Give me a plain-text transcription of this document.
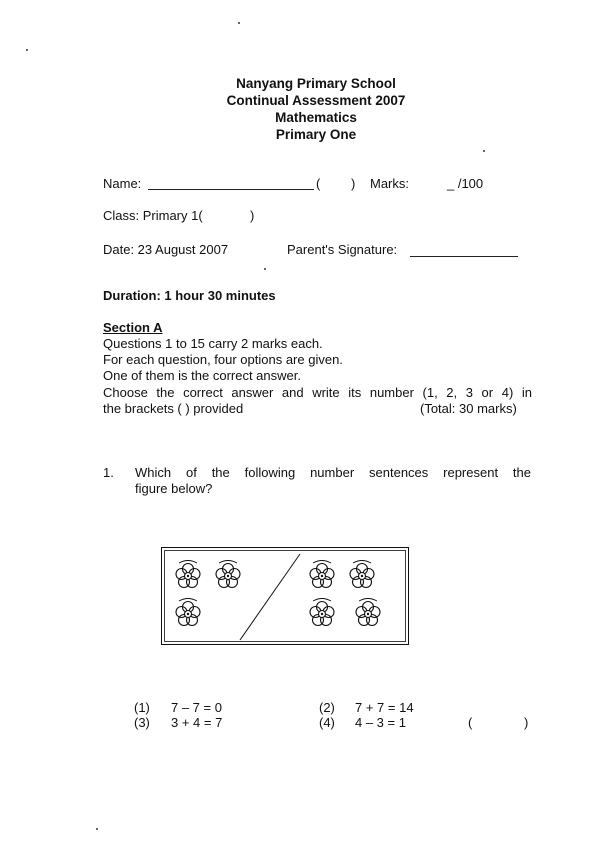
Nanyang Primary School
Continual Assessment 2007
Mathematics
Primary One
Name:	( ) Marks:	_ /100
Class: Primary 1(	)
Date: 23 August 2007	Parent's Signature:
Duration: 1 hour 30 minutes
Section A
Questions 1 to 15 carry 2 marks each.
For each question, four options are given.
One of them is the correct answer.
Choose the correct answer and write its number (1, 2, 3 or 4) in
the brackets ( ) provided	(Total: 30 marks)
1. Which of the following number sentences represent the
figure below?
(1) 7 – 7 = 0	(2) 7 + 7 = 14
(3) 3 + 4 = 7	(4) 4 – 3 = 1	(	)
